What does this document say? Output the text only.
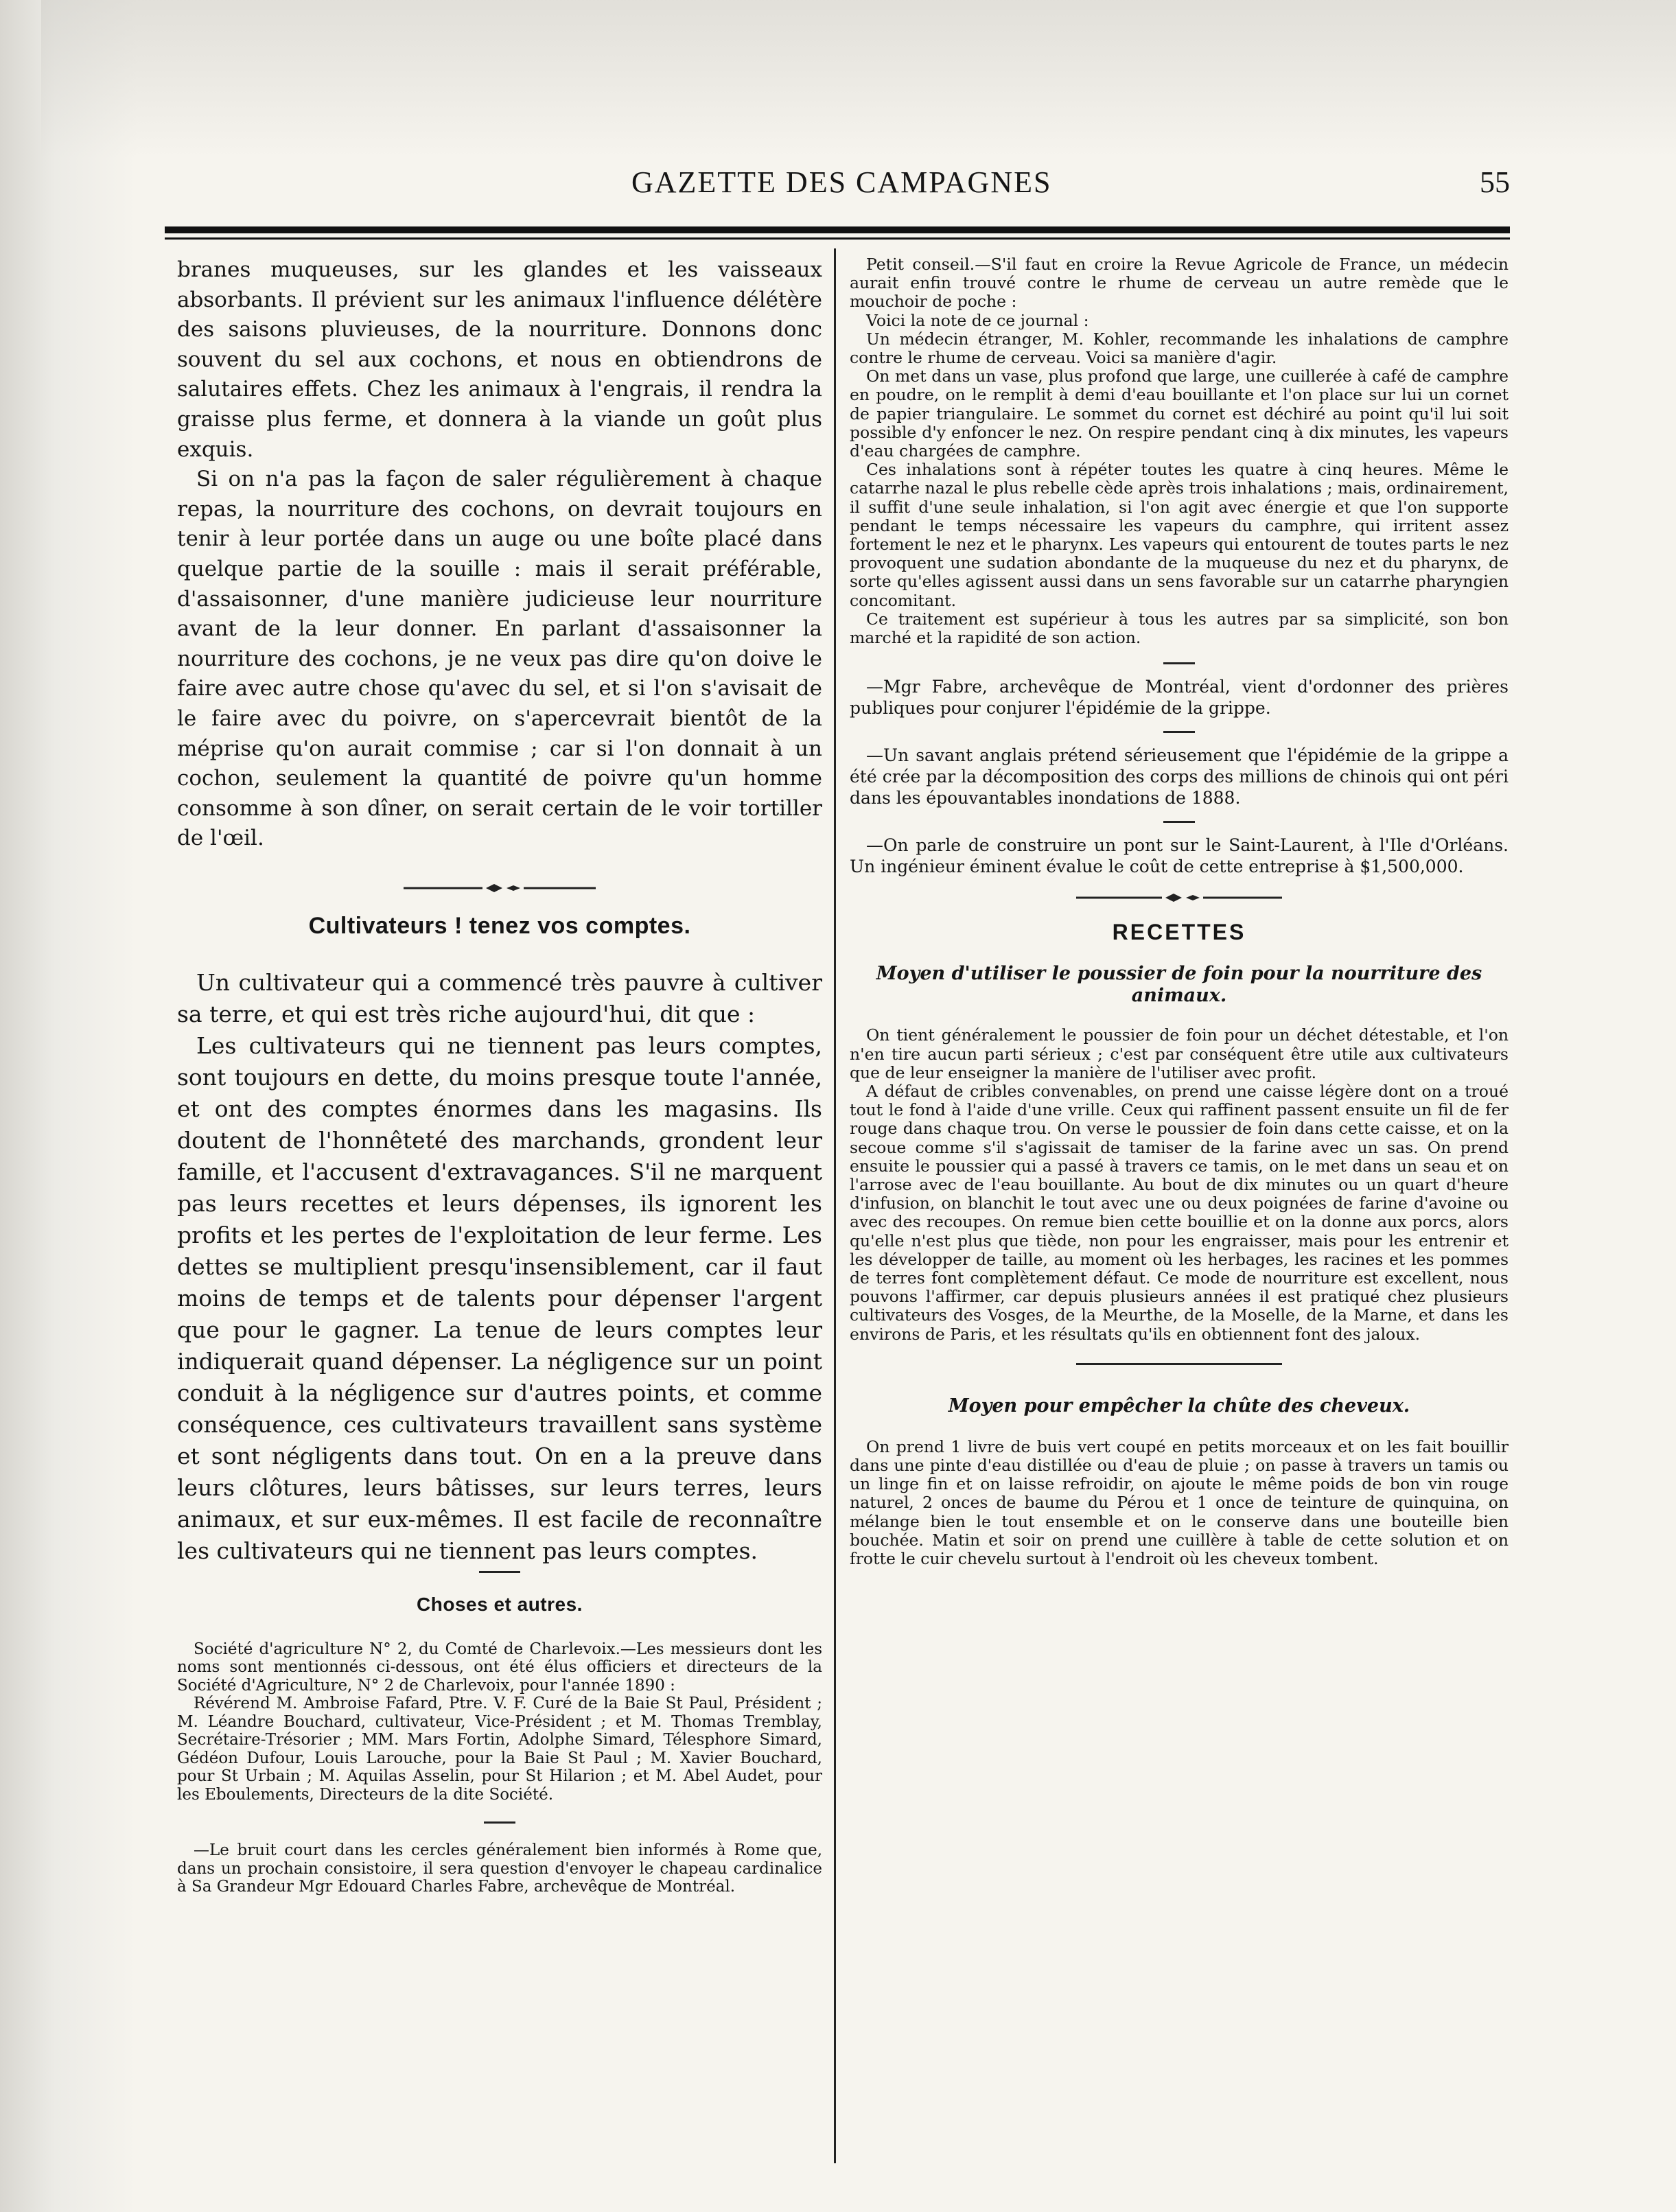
GAZETTE DES CAMPAGNES	55

branes muqueuses, sur les glandes et les vaisseaux absorbants. Il prévient sur les animaux l'influence délétère des saisons pluvieuses, de la nourriture. Donnons donc souvent du sel aux cochons, et nous en obtiendrons de salutaires effets. Chez les animaux à l'engrais, il rendra la graisse plus ferme, et donnera à la viande un goût plus exquis.

Si on n'a pas la façon de saler régulièrement à chaque repas, la nourriture des cochons, on devrait toujours en tenir à leur portée dans un auge ou une boîte placé dans quelque partie de la souille : mais il serait préférable, d'assaisonner, d'une manière judicieuse leur nourriture avant de la leur donner. En parlant d'assaisonner la nourriture des cochons, je ne veux pas dire qu'on doive le faire avec autre chose qu'avec du sel, et si l'on s'avisait de le faire avec du poivre, on s'apercevrait bientôt de la méprise qu'on aurait commise ; car si l'on donnait à un cochon, seulement la quantité de poivre qu'un homme consomme à son dîner, on serait certain de le voir tortiller de l'œil.

Cultivateurs ! tenez vos comptes.

Un cultivateur qui a commencé très pauvre à cultiver sa terre, et qui est très riche aujourd'hui, dit que :

Les cultivateurs qui ne tiennent pas leurs comptes, sont toujours en dette, du moins presque toute l'année, et ont des comptes énormes dans les magasins. Ils doutent de l'honnêteté des marchands, grondent leur famille, et l'accusent d'extravagances. S'il ne marquent pas leurs recettes et leurs dépenses, ils ignorent les profits et les pertes de l'exploitation de leur ferme. Les dettes se multiplient presqu'insensiblement, car il faut moins de temps et de talents pour dépenser l'argent que pour le gagner. La tenue de leurs comptes leur indiquerait quand dépenser. La négligence sur un point conduit à la négligence sur d'autres points, et comme conséquence, ces cultivateurs travaillent sans système et sont négligents dans tout. On en a la preuve dans leurs clôtures, leurs bâtisses, sur leurs terres, leurs animaux, et sur eux-mêmes. Il est facile de reconnaître les cultivateurs qui ne tiennent pas leurs comptes.

Choses et autres.

Société d'agriculture N° 2, du Comté de Charlevoix.—Les messieurs dont les noms sont mentionnés ci-dessous, ont été élus officiers et directeurs de la Société d'Agriculture, N° 2 de Charlevoix, pour l'année 1890 :

Révérend M. Ambroise Fafard, Ptre. V. F. Curé de la Baie St Paul, Président ; M. Léandre Bouchard, cultivateur, Vice-Président ; et M. Thomas Tremblay, Secrétaire-Trésorier ; MM. Mars Fortin, Adolphe Simard, Télesphore Simard, Gédéon Dufour, Louis Larouche, pour la Baie St Paul ; M. Xavier Bouchard, pour St Urbain ; M. Aquilas Asselin, pour St Hilarion ; et M. Abel Audet, pour les Eboulements, Directeurs de la dite Société.

—Le bruit court dans les cercles généralement bien informés à Rome que, dans un prochain consistoire, il sera question d'envoyer le chapeau cardinalice à Sa Grandeur Mgr Edouard Charles Fabre, archevêque de Montréal.

Petit conseil.—S'il faut en croire la Revue Agricole de France, un médecin aurait enfin trouvé contre le rhume de cerveau un autre remède que le mouchoir de poche :

Voici la note de ce journal :

Un médecin étranger, M. Kohler, recommande les inhalations de camphre contre le rhume de cerveau. Voici sa manière d'agir.

On met dans un vase, plus profond que large, une cuillerée à café de camphre en poudre, on le remplit à demi d'eau bouillante et l'on place sur lui un cornet de papier triangulaire. Le sommet du cornet est déchiré au point qu'il lui soit possible d'y enfoncer le nez. On respire pendant cinq à dix minutes, les vapeurs d'eau chargées de camphre.

Ces inhalations sont à répéter toutes les quatre à cinq heures. Même le catarrhe nazal le plus rebelle cède après trois inhalations ; mais, ordinairement, il suffit d'une seule inhalation, si l'on agit avec énergie et que l'on supporte pendant le temps nécessaire les vapeurs du camphre, qui irritent assez fortement le nez et le pharynx. Les vapeurs qui entourent de toutes parts le nez provoquent une sudation abondante de la muqueuse du nez et du pharynx, de sorte qu'elles agissent aussi dans un sens favorable sur un catarrhe pharyngien concomitant.

Ce traitement est supérieur à tous les autres par sa simplicité, son bon marché et la rapidité de son action.

—Mgr Fabre, archevêque de Montréal, vient d'ordonner des prières publiques pour conjurer l'épidémie de la grippe.

—Un savant anglais prétend sérieusement que l'épidémie de la grippe a été crée par la décomposition des corps des millions de chinois qui ont péri dans les épouvantables inondations de 1888.

—On parle de construire un pont sur le Saint-Laurent, à l'Ile d'Orléans. Un ingénieur éminent évalue le coût de cette entreprise à $1,500,000.

RECETTES
Moyen d'utiliser le poussier de foin pour la nourriture des animaux.

On tient généralement le poussier de foin pour un déchet détestable, et l'on n'en tire aucun parti sérieux ; c'est par conséquent être utile aux cultivateurs que de leur enseigner la manière de l'utiliser avec profit.

A défaut de cribles convenables, on prend une caisse légère dont on a troué tout le fond à l'aide d'une vrille. Ceux qui raffinent passent ensuite un fil de fer rouge dans chaque trou. On verse le poussier de foin dans cette caisse, et on la secoue comme s'il s'agissait de tamiser de la farine avec un sas. On prend ensuite le poussier qui a passé à travers ce tamis, on le met dans un seau et on l'arrose avec de l'eau bouillante. Au bout de dix minutes ou un quart d'heure d'infusion, on blanchit le tout avec une ou deux poignées de farine d'avoine ou avec des recoupes. On remue bien cette bouillie et on la donne aux porcs, alors qu'elle n'est plus que tiède, non pour les engraisser, mais pour les entrenir et les développer de taille, au moment où les herbages, les racines et les pommes de terres font complètement défaut. Ce mode de nourriture est excellent, nous pouvons l'affirmer, car depuis plusieurs années il est pratiqué chez plusieurs cultivateurs des Vosges, de la Meurthe, de la Moselle, de la Marne, et dans les environs de Paris, et les résultats qu'ils en obtiennent font des jaloux.

Moyen pour empêcher la chûte des cheveux.

On prend 1 livre de buis vert coupé en petits morceaux et on les fait bouillir dans une pinte d'eau distillée ou d'eau de pluie ; on passe à travers un tamis ou un linge fin et on laisse refroidir, on ajoute le même poids de bon vin rouge naturel, 2 onces de baume du Pérou et 1 once de teinture de quinquina, on mélange bien le tout ensemble et on le conserve dans une bouteille bien bouchée. Matin et soir on prend une cuillère à table de cette solution et on frotte le cuir chevelu surtout à l'endroit où les cheveux tombent.
